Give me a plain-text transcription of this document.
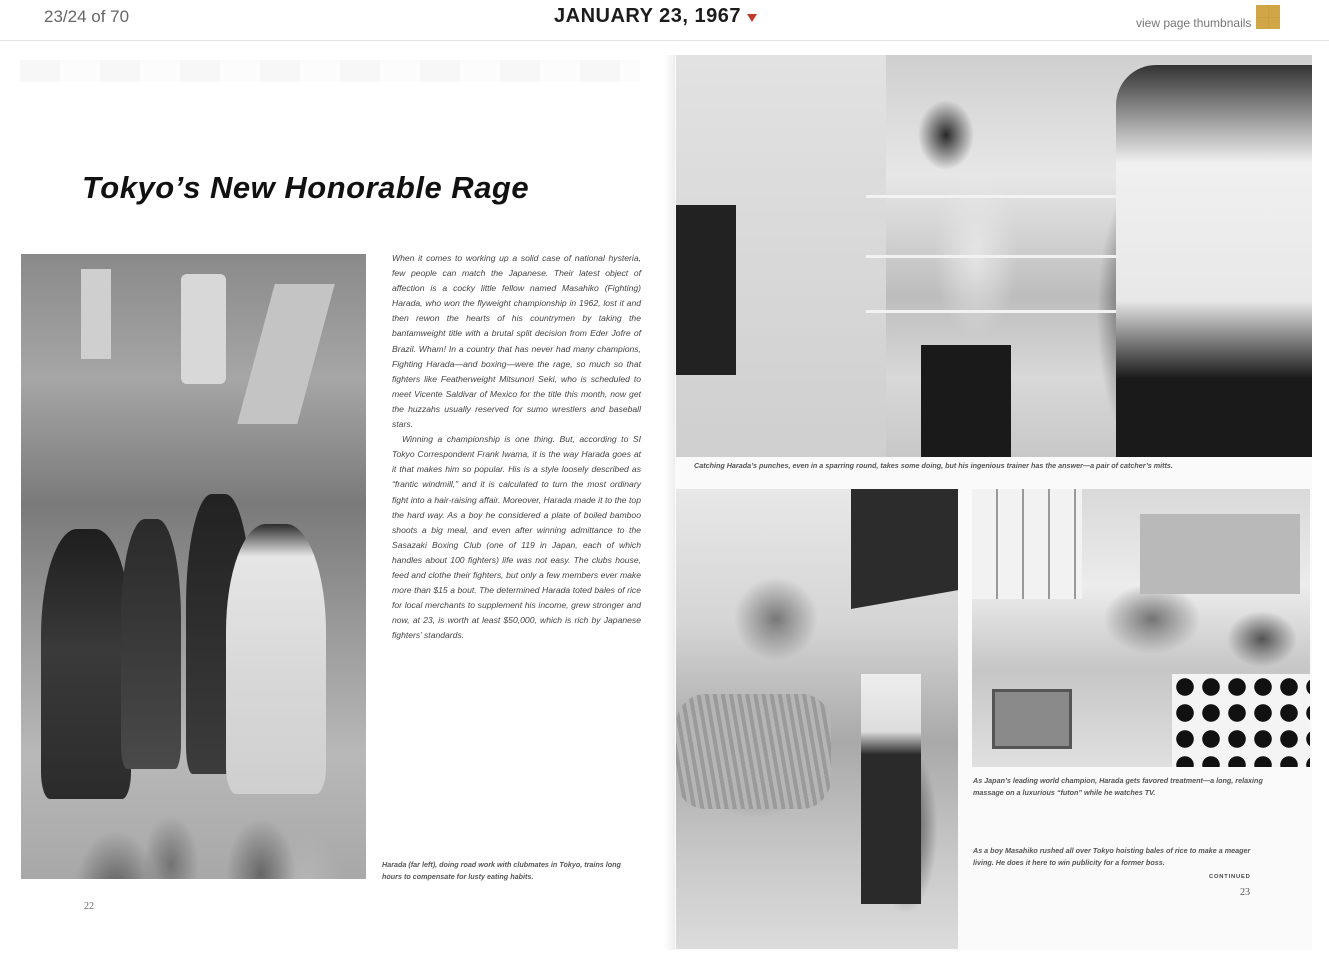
23/24 of 70	JANUARY 23, 1967	view page thumbnails
Tokyo’s New Honorable Rage

When it comes to working up a solid case of national hysteria, few people can match the Japanese. Their latest object of affection is a cocky little fellow named Masahiko (Fighting) Harada, who won the flyweight championship in 1962, lost it and then rewon the hearts of his countrymen by taking the bantamweight title with a brutal split decision from Eder Jofre of Brazil. Wham! In a country that has never had many champions, Fighting Harada—and boxing—were the rage, so much so that fighters like Featherweight Mitsunori Seki, who is scheduled to meet Vicente Saldivar of Mexico for the title this month, now get the huzzahs usually reserved for sumo wrestlers and baseball stars.

Winning a championship is one thing. But, according to SI Tokyo Correspondent Frank Iwama, it is the way Harada goes at it that makes him so popular. His is a style loosely described as “frantic windmill,” and it is calculated to turn the most ordinary fight into a hair-raising affair. Moreover, Harada made it to the top the hard way. As a boy he considered a plate of boiled bamboo shoots a big meal, and even after winning admittance to the Sasazaki Boxing Club (one of 119 in Japan, each of which handles about 100 fighters) life was not easy. The clubs house, feed and clothe their fighters, but only a few members ever make more than $15 a bout. The determined Harada toted bales of rice for local merchants to supplement his income, grew stronger and now, at 23, is worth at least $50,000, which is rich by Japanese fighters’ standards.

Harada (far left), doing road work with clubmates in Tokyo, trains long hours to compensate for lusty eating habits.
22
Catching Harada’s punches, even in a sparring round, takes some doing, but his ingenious trainer has the answer—a pair of catcher’s mitts.
As Japan’s leading world champion, Harada gets favored treatment—a long, relaxing massage on a luxurious “futon” while he watches TV.
As a boy Masahiko rushed all over Tokyo hoisting bales of rice to make a meager living. He does it here to win publicity for a former boss.
CONTINUED
23
